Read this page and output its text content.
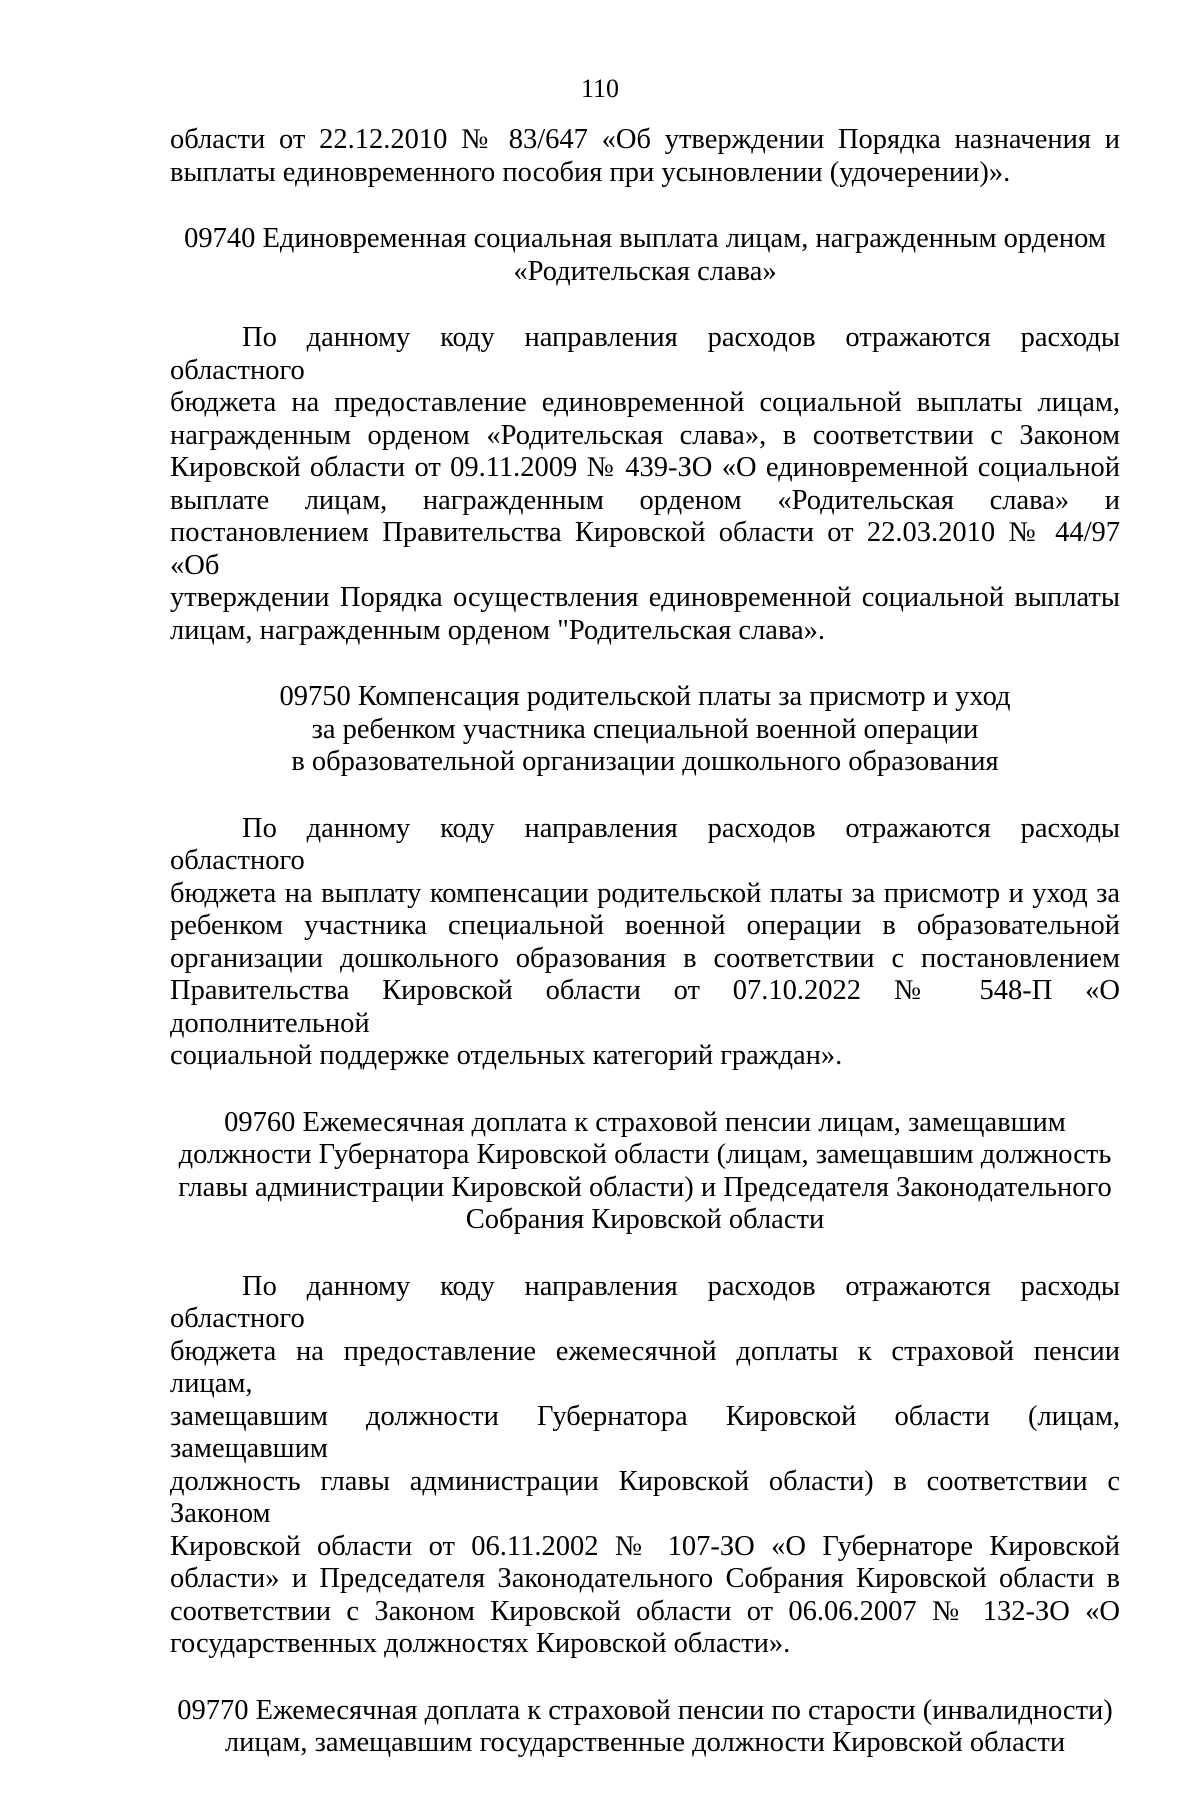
110
области от 22.12.2010 № 83/647 «Об утверждении Порядка назначения и
выплаты единовременного пособия при усыновлении (удочерении)».
09740 Единовременная социальная выплата лицам, награжденным орденом
«Родительская слава»
По данному коду направления расходов отражаются расходы областного
бюджета на предоставление единовременной социальной выплаты лицам,
награжденным орденом «Родительская слава», в соответствии с Законом
Кировской области от 09.11.2009 № 439-ЗО «О единовременной социальной
выплате лицам, награжденным орденом «Родительская слава» и
постановлением Правительства Кировской области от 22.03.2010 № 44/97 «Об
утверждении Порядка осуществления единовременной социальной выплаты
лицам, награжденным орденом "Родительская слава».
09750 Компенсация родительской платы за присмотр и уход
за ребенком участника специальной военной операции
в образовательной организации дошкольного образования
По данному коду направления расходов отражаются расходы областного
бюджета на выплату компенсации родительской платы за присмотр и уход за
ребенком участника специальной военной операции в образовательной
организации дошкольного образования в соответствии с постановлением
Правительства Кировской области от 07.10.2022 № 548-П «О дополнительной
социальной поддержке отдельных категорий граждан».
09760 Ежемесячная доплата к страховой пенсии лицам, замещавшим
должности Губернатора Кировской области (лицам, замещавшим должность
главы администрации Кировской области) и Председателя Законодательного
Собрания Кировской области
По данному коду направления расходов отражаются расходы областного
бюджета на предоставление ежемесячной доплаты к страховой пенсии лицам,
замещавшим должности Губернатора Кировской области (лицам, замещавшим
должность главы администрации Кировской области) в соответствии с Законом
Кировской области от 06.11.2002 № 107-ЗО «О Губернаторе Кировской
области» и Председателя Законодательного Собрания Кировской области в
соответствии с Законом Кировской области от 06.06.2007 № 132-ЗО «О
государственных должностях Кировской области».
09770 Ежемесячная доплата к страховой пенсии по старости (инвалидности)
лицам, замещавшим государственные должности Кировской области
